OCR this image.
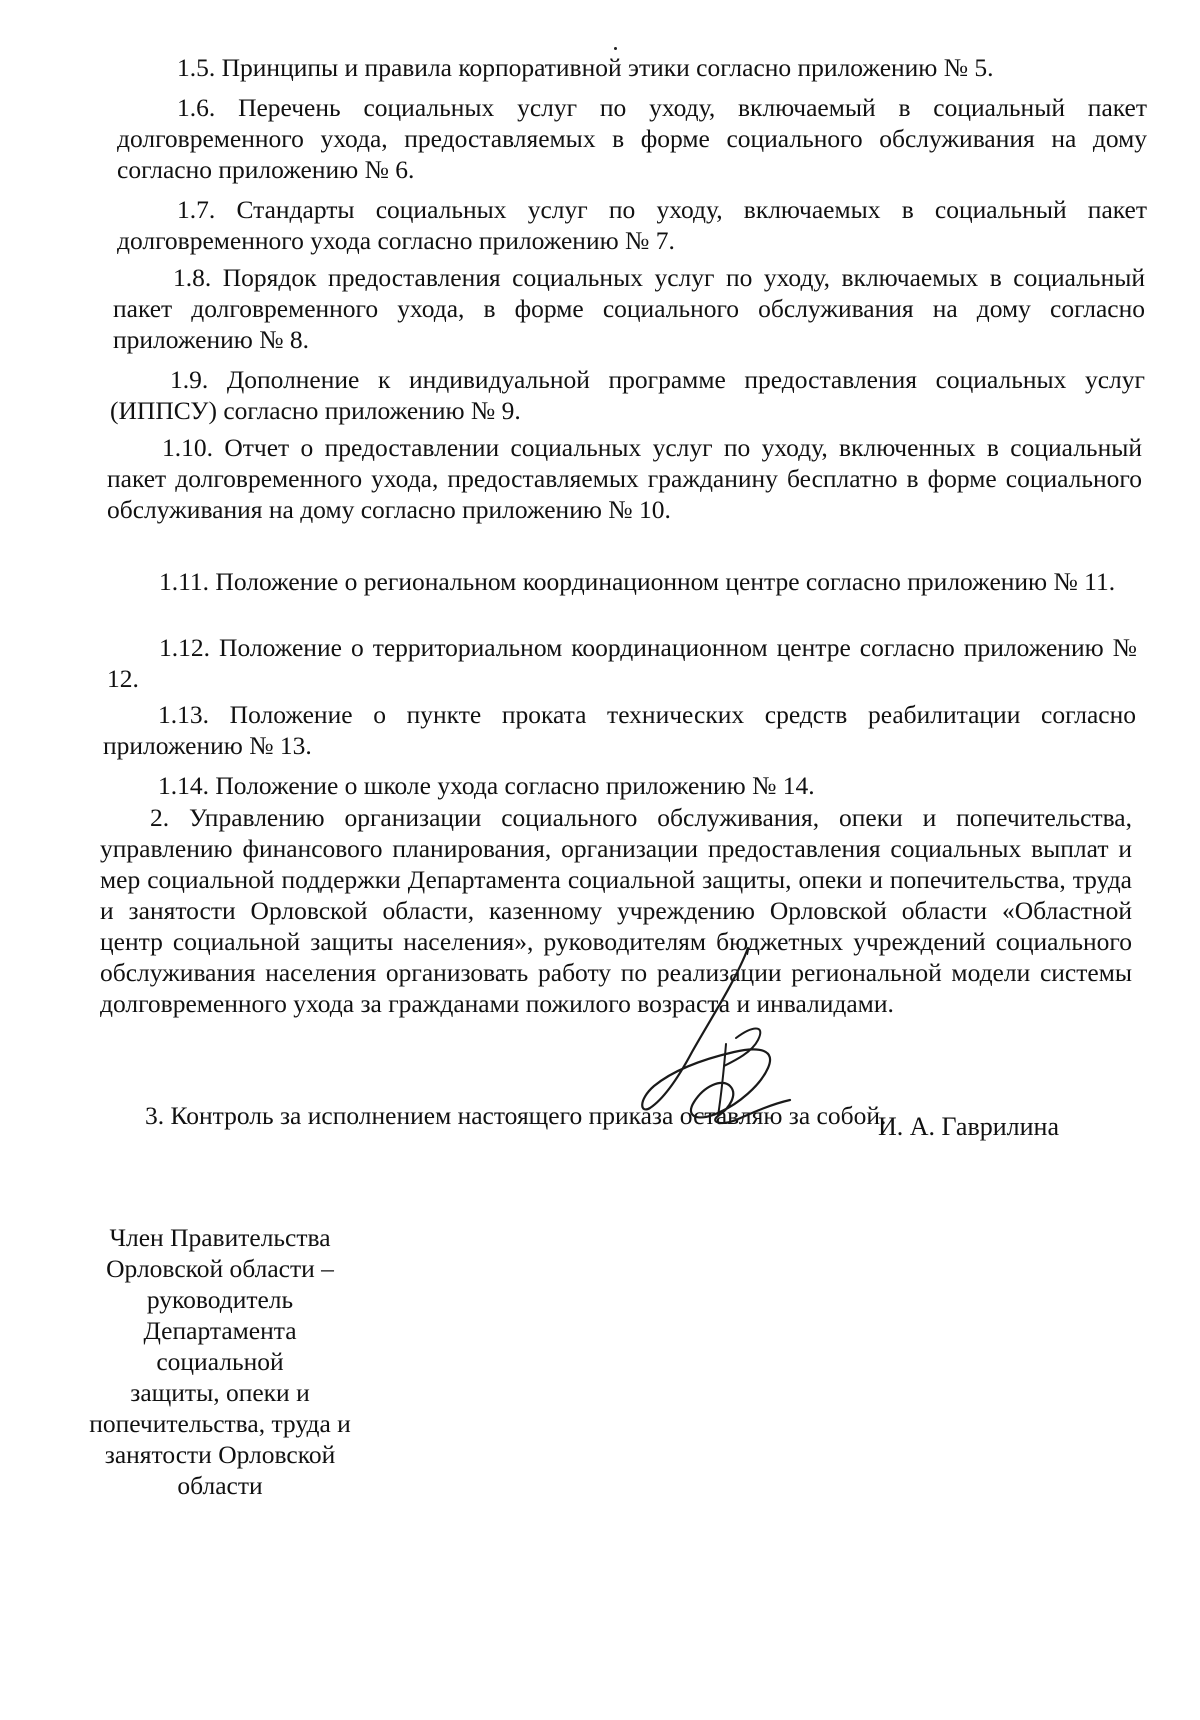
1.5. Принципы и правила корпоративной этики согласно приложению № 5.

1.6. Перечень социальных услуг по уходу, включаемый в социальный пакет долговременного ухода, предоставляемых в форме социального обслуживания на дому согласно приложению № 6.

1.7. Стандарты социальных услуг по уходу, включаемых в социальный пакет долговременного ухода согласно приложению № 7.

1.8. Порядок предоставления социальных услуг по уходу, включаемых в социальный пакет долговременного ухода, в форме социального обслуживания на дому согласно приложению № 8.

1.9. Дополнение к индивидуальной программе предоставления социальных услуг (ИППСУ) согласно приложению № 9.

1.10. Отчет о предоставлении социальных услуг по уходу, включенных в социальный пакет долговременного ухода, предоставляемых гражданину бесплатно в форме социального обслуживания на дому согласно приложению № 10.

1.11. Положение о региональном координационном центре согласно приложению № 11.

1.12. Положение о территориальном координационном центре согласно приложению № 12.

1.13. Положение о пункте проката технических средств реабилитации согласно приложению № 13.

1.14. Положение о школе ухода согласно приложению № 14.

2. Управлению организации социального обслуживания, опеки и попечительства, управлению финансового планирования, организации предоставления социальных выплат и мер социальной поддержки Департамента социальной защиты, опеки и попечительства, труда и занятости Орловской области, казенному учреждению Орловской области «Областной центр социальной защиты населения», руководителям бюджетных учреждений социального обслуживания населения организовать работу по реализации региональной модели системы долговременного ухода за гражданами пожилого возраста и инвалидами.

3. Контроль за исполнением настоящего приказа оставляю за собой.

Член Правительства
Орловской области –
руководитель
Департамента
социальной
защиты, опеки и
попечительства, труда и
занятости Орловской
области
И. А. Гаврилина
